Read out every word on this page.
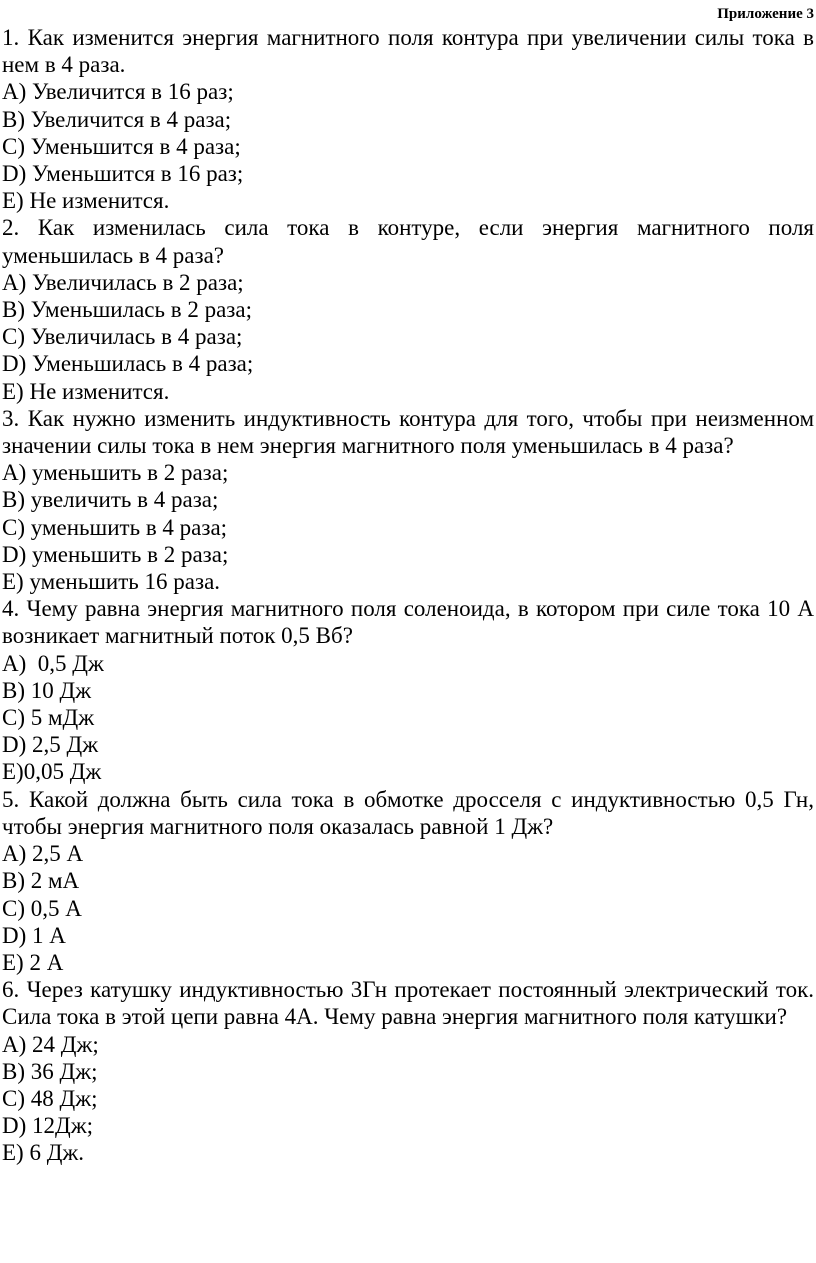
Приложение 3

1. Как изменится энергия магнитного поля контура при увеличении силы тока в нем в 4 раза.

А) Увеличится в 16 раз;

В) Увеличится в 4 раза;

С) Уменьшится в 4 раза;

D) Уменьшится в 16 раз;

Е) Не изменится.

2. Как изменилась сила тока в контуре, если энергия магнитного поля уменьшилась в 4 раза?

А) Увеличилась в 2 раза;

В) Уменьшилась в 2 раза;

С) Увеличилась в 4 раза;

D) Уменьшилась в 4 раза;

Е) Не изменится.

3. Как нужно изменить индуктивность контура для того, чтобы при неизменном значении силы тока в нем энергия магнитного поля уменьшилась в 4 раза?

А) уменьшить в 2 раза;

В) увеличить в 4 раза;

С) уменьшить в 4 раза;

D) уменьшить в 2 раза;

Е) уменьшить 16 раза.

4. Чему равна энергия магнитного поля соленоида, в котором при силе тока 10 А возникает магнитный поток 0,5 Вб?

А)  0,5 Дж

В) 10 Дж

С) 5 мДж

D) 2,5 Дж

Е)0,05 Дж

5. Какой должна быть сила тока в обмотке дросселя с индуктивностью 0,5 Гн, чтобы энергия магнитного поля оказалась равной 1 Дж?

А) 2,5 А

В) 2 мА

С) 0,5 А

D) 1 А

Е) 2 А

6. Через катушку индуктивностью 3Гн протекает постоянный электрический ток. Сила тока в этой цепи равна 4А. Чему равна энергия магнитного поля катушки?

А) 24 Дж;

В) 36 Дж;

С) 48 Дж;

D) 12Дж;

Е) 6 Дж.
